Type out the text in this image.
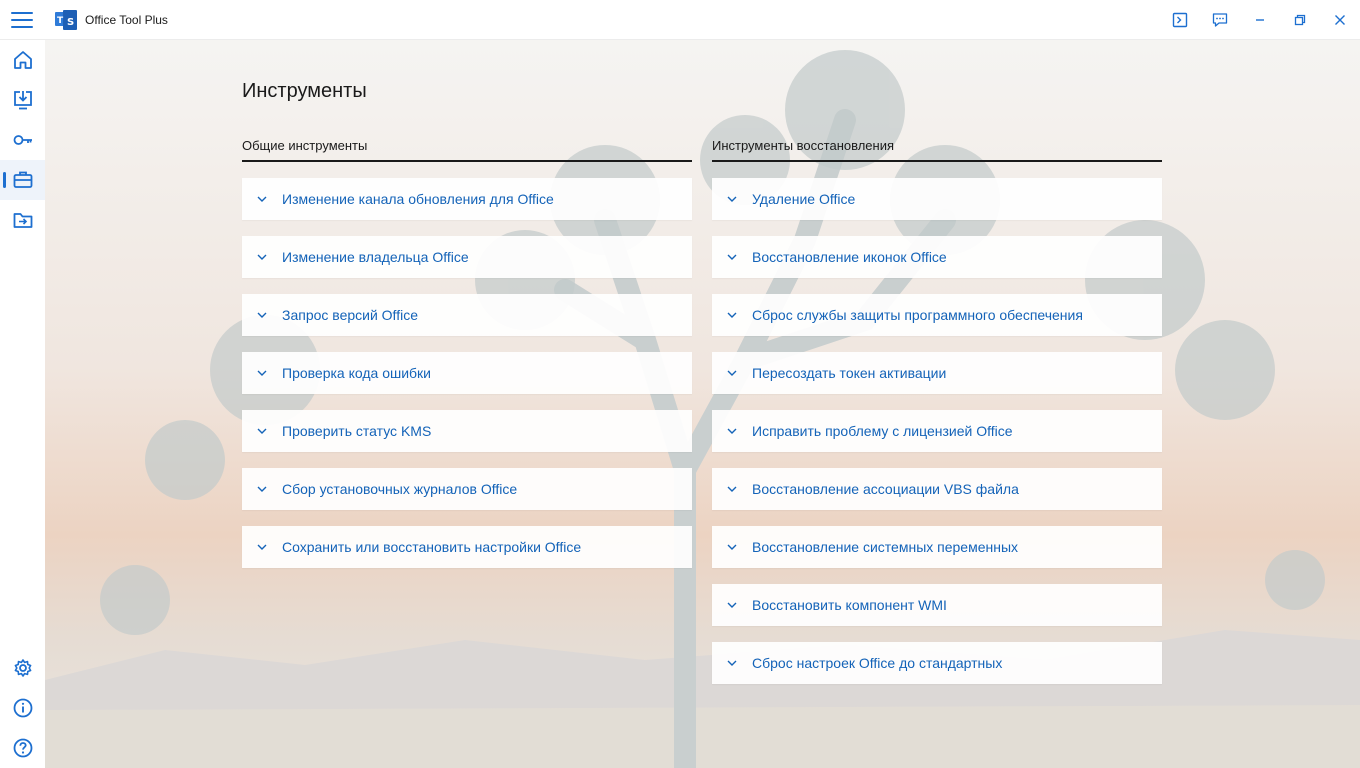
T S Office Tool Plus
Инструменты
Общие инструменты
Изменение канала обновления для Office
Изменение владельца Office
Запрос версий Office
Проверка кода ошибки
Проверить статус KMS
Сбор установочных журналов Office
Сохранить или восстановить настройки Office
Инструменты восстановления
Удаление Office
Восстановление иконок Office
Сброс службы защиты программного обеспечения
Пересоздать токен активации
Исправить проблему с лицензией Office
Восстановление ассоциации VBS файла
Восстановление системных переменных
Восстановить компонент WMI
Сброс настроек Office до стандартных
